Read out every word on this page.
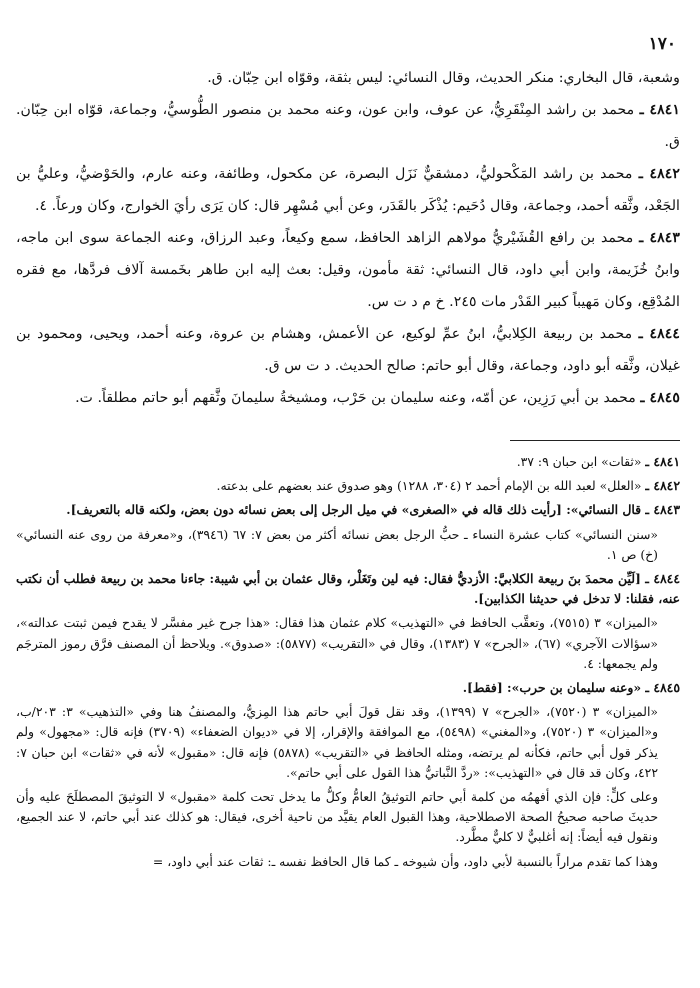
١٧٠

وشعبة، قال البخاري: منكر الحديث، وقال النسائي: ليس بثقة، وقوّاه ابن حِبّان. ق.

٤٨٤١ ـ محمد بن راشد المِنْقَرِيُّ، عن عوف، وابن عون، وعنه محمد بن منصور الطُّوسيُّ، وجماعة، قوّاه ابن حِبّان. ق.

٤٨٤٢ ـ محمد بن راشد المَكْحوليُّ، دمشقيٌّ نَزَل البصرة، عن مكحول، وطائفة، وعنه عارم، والحَوْضيُّ، وعليُّ بن الجَعْد، وثَّقه أحمد، وجماعة، وقال دُحَيم: يُذْكَر بالقَدَر، وعن أبي مُسْهِر قال: كان يَرَى رأيَ الخوارج، وكان ورعاً. ٤.

٤٨٤٣ ـ محمد بن رافع القُشَيْريُّ مولاهم الزاهد الحافظ، سمع وكيعاً، وعبد الرزاق، وعنه الجماعة سوى ابن ماجه، وابنُ خُزَيمة، وابن أبي داود، قال النسائي: ثقة مأمون، وقيل: بعث إليه ابن طاهر بخَمسة آلاف فردَّها، مع فقره المُدْقِع، وكان مَهيباً كبير القَدْر مات ٢٤٥. خ م د ت س.

٤٨٤٤ ـ محمد بن ربيعة الكِلابيُّ، ابنُ عمِّ لوكيع، عن الأعمش، وهشام بن عروة، وعنه أحمد، ويحيى، ومحمود بن غيلان، وثَّقه أبو داود، وجماعة، وقال أبو حاتم: صالح الحديث. د ت س ق.

٤٨٤٥ ـ محمد بن أبي رَزِين، عن أمّه، وعنه سليمان بن حَرْب، ومشيخةُ سليمانَ وثَّقهم أبو حاتم مطلقاً. ت.

٤٨٤١ ـ «ثقات» ابن حبان ٩: ٣٧.

٤٨٤٢ ـ «العلل» لعبد الله بن الإمام أحمد ٢ (٣٠٤، ١٢٨٨) وهو صدوق عند بعضهم على بدعته.

٤٨٤٣ ـ قال النسائي»: [رأيت ذلك قاله في «الصغرى» في ميل الرجل إلى بعض نسائه دون بعض، ولكنه قاله بالتعريف].

«سنن النسائي» كتاب عشرة النساء ـ حبُّ الرجل بعض نسائه أكثر من بعض ٧: ٦٧ (٣٩٤٦)، و«معرفة من روى عنه النسائي» (خ) ص ١.

٤٨٤٤ ـ [لَيِّن محمدَ بنَ ربيعة الكلابيَّ: الأزديُّ فقال: فيه لين وتَغَلْر، وقال عثمان بن أبي شيبة: جاءنا محمد بن ربيعة فطلب أن نكتب عنه، فقلنا: لا تدخل في حديثنا الكذابين].

«الميزان» ٣ (٧٥١٥)، وتعقَّب الحافظ في «التهذيب» كلام عثمان هذا فقال: «هذا جرح غير مفسَّر لا يقدح فيمن ثبتت عدالته»، «سؤالات الآجري» (٦٧)، «الجرح» ٧ (١٣٨٣)، وقال في «التقريب» (٥٨٧٧): «صدوق». ويلاحظ أن المصنف فرَّق رموز المترجَم ولم يجمعها: ٤.

٤٨٤٥ ـ «وعنه سليمان بن حرب»: [فقط].

«الميزان» ٣ (٧٥٢٠)، «الجرح» ٧ (١٣٩٩)، وقد نقل قولَ أبي حاتم هذا المِزيُّ، والمصنفُ هنا وفي «التذهيب» ٣: ٢٠٣/ب، و«الميزان» ٣ (٧٥٢٠)، و«المغني» (٥٤٩٨)، مع الموافقة والإقرار، إلا في «ديوان الضعفاء» (٣٧٠٩) فإنه قال: «مجهول» ولم يذكر قول أبي حاتم، فكأنه لم يرتضه، ومثله الحافظ في «التقريب» (٥٨٧٨) فإنه قال: «مقبول» لأنه في «ثقات» ابن حبان ٧: ٤٢٢، وكان قد قال في «التهذيب»: «ردَّ النَّباتيُّ هذا القول على أبي حاتم».

وعلى كلٍّ: فإن الذي أفهمُه من كلمة أبي حاتم التوثيقُ العامُّ وكلُّ ما يدخل تحت كلمة «مقبول» لا التوثيقَ المصطلَحَ عليه وأن حديثَ صاحبه صحيحُ الصحة الاصطلاحية، وهذا القبول العام يقيَّد من ناحية أخرى، فيقال: هو كذلك عند أبي حاتم، لا عند الجميع، ونقول فيه أيضاً: إنه أغلبيٌّ لا كليٌّ مطَّرد.

وهذا كما تقدم مراراً بالنسبة لأبي داود، وأن شيوخه ـ كما قال الحافظ نفسه ـ: ثقات عند أبي داود، =
